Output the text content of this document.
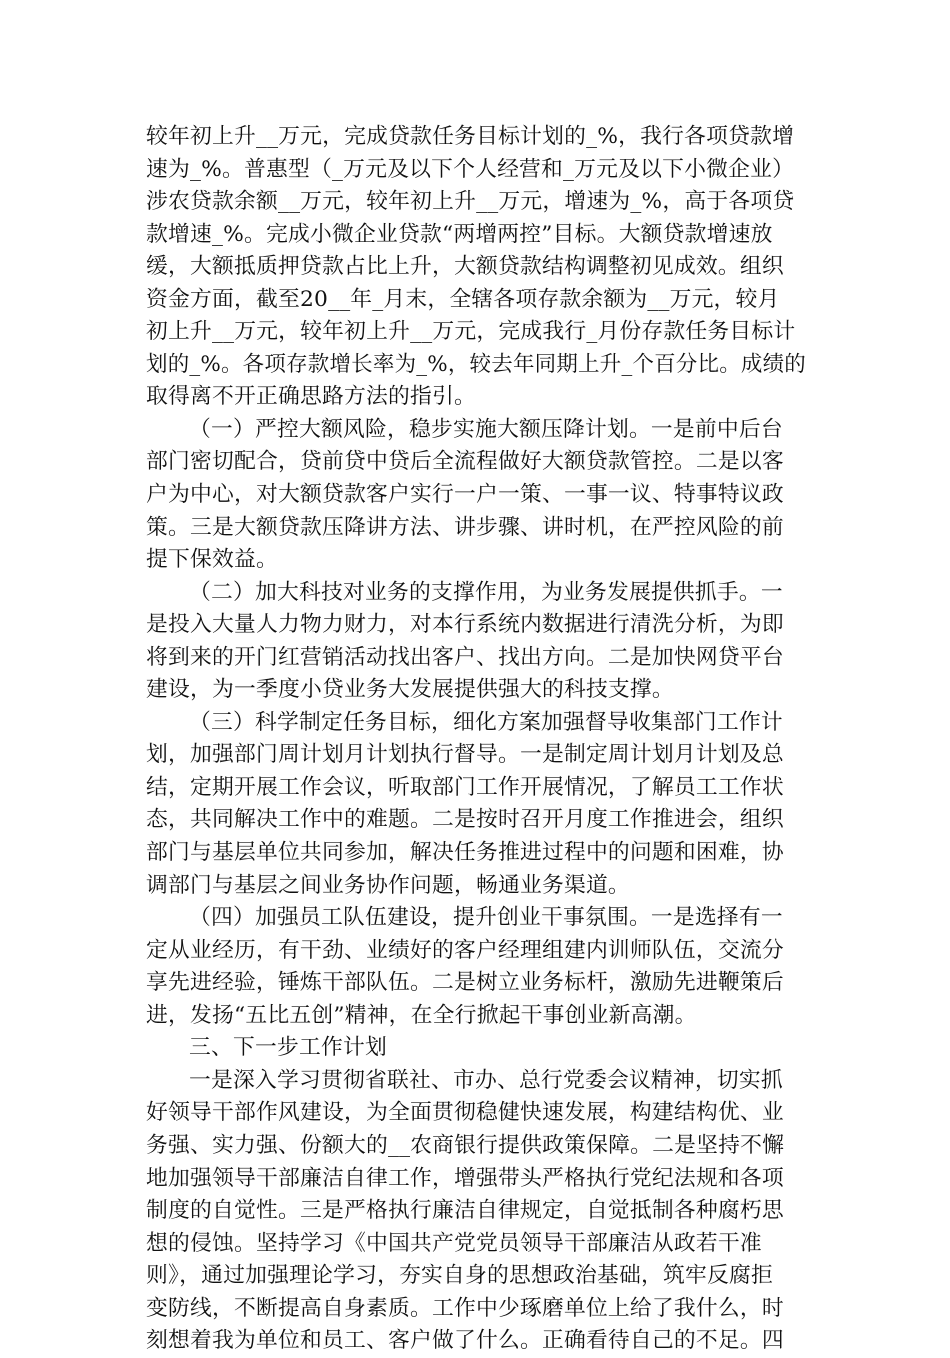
较年初上升__万元，完成贷款任务目标计划的_%，我行各项贷款增
速为_%。普惠型（_万元及以下个人经营和_万元及以下小微企业）
涉农贷款余额__万元，较年初上升__万元，增速为_%，高于各项贷
款增速_%。完成小微企业贷款“两增两控”目标。大额贷款增速放
缓，大额抵质押贷款占比上升，大额贷款结构调整初见成效。组织
资金方面，截至20__年_月末，全辖各项存款余额为__万元，较月
初上升__万元，较年初上升__万元，完成我行_月份存款任务目标计
划的_%。各项存款增长率为_%，较去年同期上升_个百分比。成绩的
取得离不开正确思路方法的指引。
（一）严控大额风险，稳步实施大额压降计划。一是前中后台
部门密切配合，贷前贷中贷后全流程做好大额贷款管控。二是以客
户为中心，对大额贷款客户实行一户一策、一事一议、特事特议政
策。三是大额贷款压降讲方法、讲步骤、讲时机，在严控风险的前
提下保效益。
（二）加大科技对业务的支撑作用，为业务发展提供抓手。一
是投入大量人力物力财力，对本行系统内数据进行清洗分析，为即
将到来的开门红营销活动找出客户、找出方向。二是加快网贷平台
建设，为一季度小贷业务大发展提供强大的科技支撑。
（三）科学制定任务目标，细化方案加强督导收集部门工作计
划，加强部门周计划月计划执行督导。一是制定周计划月计划及总
结，定期开展工作会议，听取部门工作开展情况，了解员工工作状
态，共同解决工作中的难题。二是按时召开月度工作推进会，组织
部门与基层单位共同参加，解决任务推进过程中的问题和困难，协
调部门与基层之间业务协作问题，畅通业务渠道。
（四）加强员工队伍建设，提升创业干事氛围。一是选择有一
定从业经历，有干劲、业绩好的客户经理组建内训师队伍，交流分
享先进经验，锤炼干部队伍。二是树立业务标杆，激励先进鞭策后
进，发扬“五比五创”精神，在全行掀起干事创业新高潮。
三、下一步工作计划
一是深入学习贯彻省联社、市办、总行党委会议精神，切实抓
好领导干部作风建设，为全面贯彻稳健快速发展，构建结构优、业
务强、实力强、份额大的__农商银行提供政策保障。二是坚持不懈
地加强领导干部廉洁自律工作，增强带头严格执行党纪法规和各项
制度的自觉性。三是严格执行廉洁自律规定，自觉抵制各种腐朽思
想的侵蚀。坚持学习《中国共产党党员领导干部廉洁从政若干准
则》，通过加强理论学习，夯实自身的思想政治基础，筑牢反腐拒
变防线，不断提高自身素质。工作中少琢磨单位上给了我什么，时
刻想着我为单位和员工、客户做了什么。正确看待自己的不足。四
